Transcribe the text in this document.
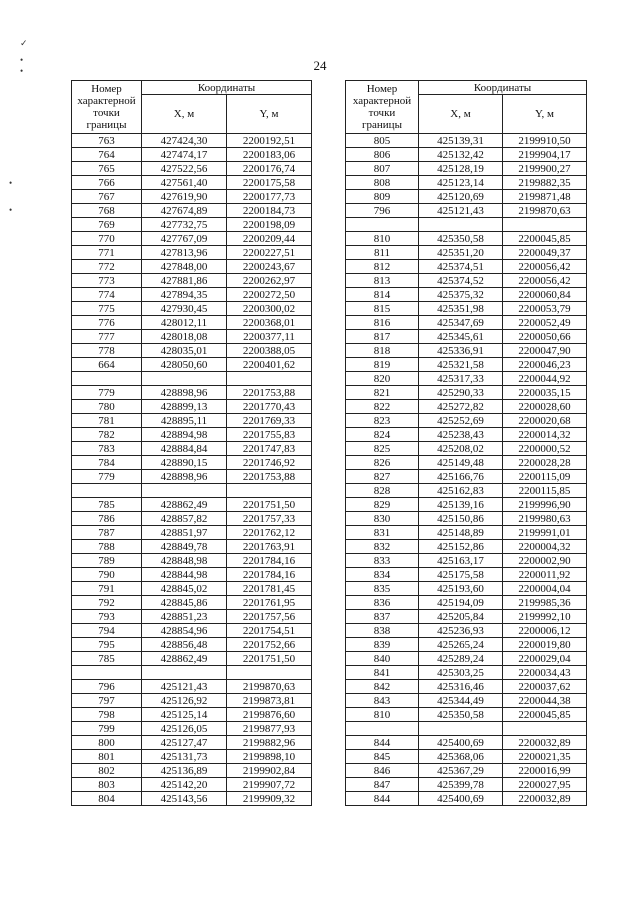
24
✓
•
•
•
•
Номер характерной точки границы	Координаты	
	X, м	Y, м
763	427424,30	2200192,51
764	427474,17	2200183,06
765	427522,56	2200176,74
766	427561,40	2200175,58
767	427619,90	2200177,73
768	427674,89	2200184,73
769	427732,75	2200198,09
770	427767,09	2200209,44
771	427813,96	2200227,51
772	427848,00	2200243,67
773	427881,86	2200262,97
774	427894,35	2200272,50
775	427930,45	2200300,02
776	428012,11	2200368,01
777	428018,08	2200377,11
778	428035,01	2200388,05
664	428050,60	2200401,62

779	428898,96	2201753,88
780	428899,13	2201770,43
781	428895,11	2201769,33
782	428894,98	2201755,83
783	428884,84	2201747,83
784	428890,15	2201746,92
779	428898,96	2201753,88

785	428862,49	2201751,50
786	428857,82	2201757,33
787	428851,97	2201762,12
788	428849,78	2201763,91
789	428848,98	2201784,16
790	428844,98	2201784,16
791	428845,02	2201781,45
792	428845,86	2201761,95
793	428851,23	2201757,56
794	428854,96	2201754,51
795	428856,48	2201752,66
785	428862,49	2201751,50

796	425121,43	2199870,63
797	425126,92	2199873,81
798	425125,14	2199876,60
799	425126,05	2199877,93
800	425127,47	2199882,96
801	425131,73	2199898,10
802	425136,89	2199902,84
803	425142,20	2199907,72
804	425143,56	2199909,32
Номер характерной точки границы	Координаты	
	X, м	Y, м
805	425139,31	2199910,50
806	425132,42	2199904,17
807	425128,19	2199900,27
808	425123,14	2199882,35
809	425120,69	2199871,48
796	425121,43	2199870,63

810	425350,58	2200045,85
811	425351,20	2200049,37
812	425374,51	2200056,42
813	425374,52	2200056,42
814	425375,32	2200060,84
815	425351,98	2200053,79
816	425347,69	2200052,49
817	425345,61	2200050,66
818	425336,91	2200047,90
819	425321,58	2200046,23
820	425317,33	2200044,92
821	425290,33	2200035,15
822	425272,82	2200028,60
823	425252,69	2200020,68
824	425238,43	2200014,32
825	425208,02	2200000,52
826	425149,48	2200028,28
827	425166,76	2200115,09
828	425162,83	2200115,85
829	425139,16	2199996,90
830	425150,86	2199980,63
831	425148,89	2199991,01
832	425152,86	2200004,32
833	425163,17	2200002,90
834	425175,58	2200011,92
835	425193,60	2200004,04
836	425194,09	2199985,36
837	425205,84	2199992,10
838	425236,93	2200006,12
839	425265,24	2200019,80
840	425289,24	2200029,04
841	425303,25	2200034,43
842	425316,46	2200037,62
843	425344,49	2200044,38
810	425350,58	2200045,85

844	425400,69	2200032,89
845	425368,06	2200021,35
846	425367,29	2200016,99
847	425399,78	2200027,95
844	425400,69	2200032,89
